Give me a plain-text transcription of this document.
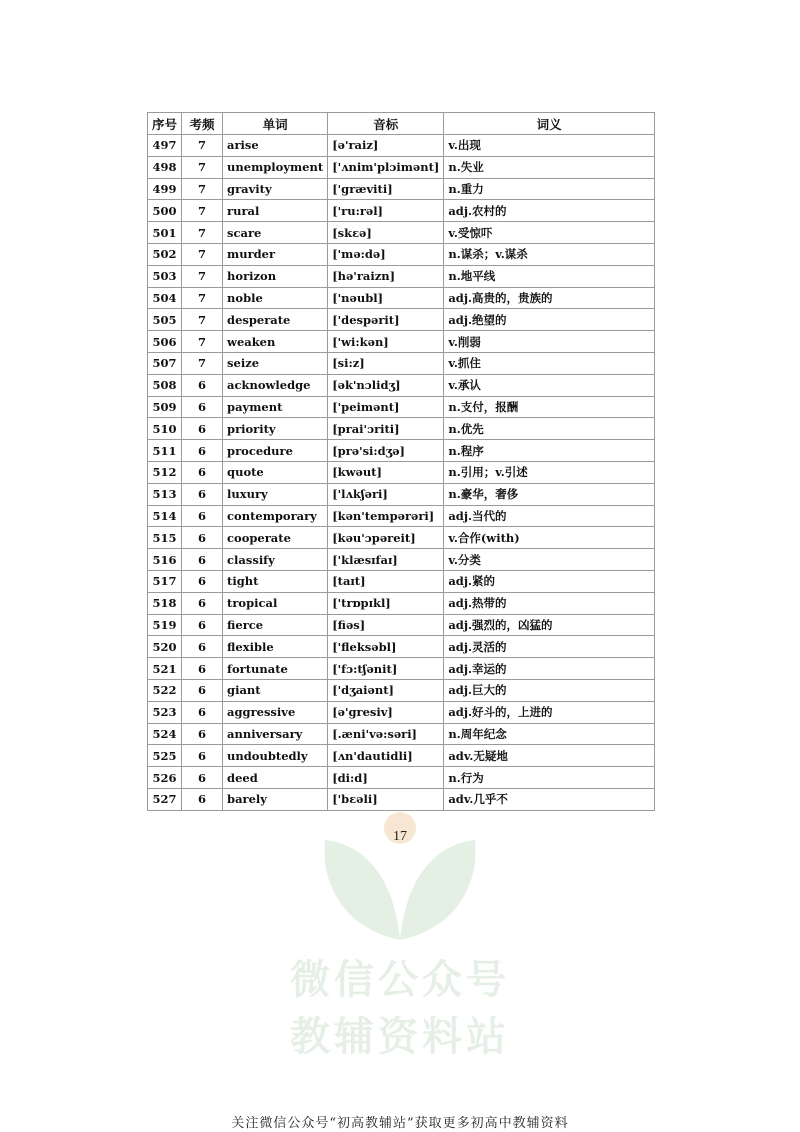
微信公众号
教辅资料站
序号	考频	单词	音标	词义
497	7	arise	[ə'raiz]	v.出现
498	7	unemployment	['ʌnim'plɔimənt]	n.失业
499	7	gravity	['græviti]	n.重力
500	7	rural	['ru:rəl]	adj.农村的
501	7	scare	[skɛə]	v.受惊吓
502	7	murder	['mə:də]	n.谋杀；v.谋杀
503	7	horizon	[hə'raizn]	n.地平线
504	7	noble	['nəubl]	adj.高贵的，贵族的
505	7	desperate	['despərit]	adj.绝望的
506	7	weaken	['wi:kən]	v.削弱
507	7	seize	[si:z]	v.抓住
508	6	acknowledge	[ək'nɔlidʒ]	v.承认
509	6	payment	['peimənt]	n.支付，报酬
510	6	priority	[prai'ɔriti]	n.优先
511	6	procedure	[prə'si:dʒə]	n.程序
512	6	quote	[kwəut]	n.引用；v.引述
513	6	luxury	['lʌkʃəri]	n.豪华，奢侈
514	6	contemporary	[kən'tempərəri]	adj.当代的
515	6	cooperate	[kəu'ɔpəreit]	v.合作(with)
516	6	classify	['klæsɪfaɪ]	v.分类
517	6	tight	[taɪt]	adj.紧的
518	6	tropical	['trɒpɪkl]	adj.热带的
519	6	fierce	[fiəs]	adj.强烈的，凶猛的
520	6	flexible	['fleksəbl]	adj.灵活的
521	6	fortunate	['fɔ:tʃənit]	adj.幸运的
522	6	giant	['dʒaiənt]	adj.巨大的
523	6	aggressive	[ə'gresiv]	adj.好斗的，上进的
524	6	anniversary	[.æni'və:səri]	n.周年纪念
525	6	undoubtedly	[ʌn'dautidli]	adv.无疑地
526	6	deed	[di:d]	n.行为
527	6	barely	['bɛəli]	adv.几乎不
17
关注微信公众号“初高教辅站”获取更多初高中教辅资料
